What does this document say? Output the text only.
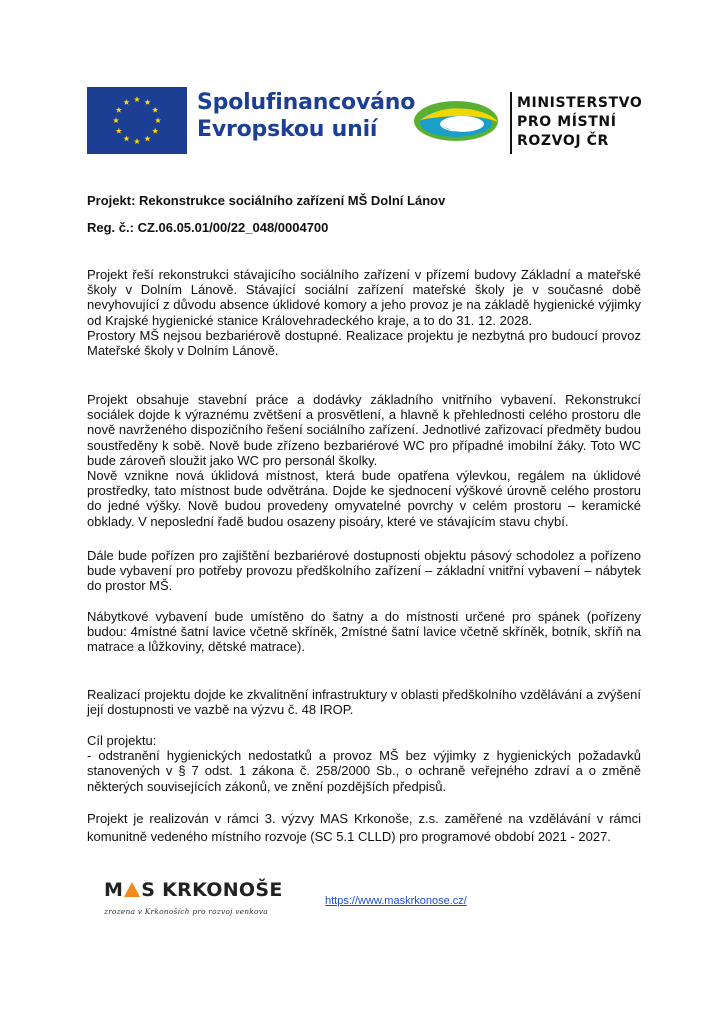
Spolufinancováno
Evropskou unií
MINISTERSTVO
PRO MÍSTNÍ
ROZVOJ ČR
Projekt: Rekonstrukce sociálního zařízení MŠ Dolní Lánov
Reg. č.: CZ.06.05.01/00/22_048/0004700

Projekt řeší rekonstrukci stávajícího sociálního zařízení v přízemí budovy Základní a mateřské školy v Dolním Lánově. Stávající sociální zařízení mateřské školy je v současné době nevyhovující z důvodu absence úklidové komory a jeho provoz je na základě hygienické výjimky od Krajské hygienické stanice Královehradeckého kraje, a to do 31. 12. 2028.

Prostory MŠ nejsou bezbariérově dostupné. Realizace projektu je nezbytná pro budoucí provoz Mateřské školy v Dolním Lánově.

Projekt obsahuje stavební práce a dodávky základního vnitřního vybavení. Rekonstrukcí sociálek dojde k výraznému zvětšení a prosvětlení, a hlavně k přehlednosti celého prostoru dle nově navrženého dispozičního řešení sociálního zařízení. Jednotlivé zařizovací předměty budou soustředěny k sobě. Nově bude zřízeno bezbariérové WC pro případné imobilní žáky. Toto WC bude zároveň sloužit jako WC pro personál školky.

Nově vznikne nová úklidová místnost, která bude opatřena výlevkou, regálem na úklidové prostředky, tato místnost bude odvětrána. Dojde ke sjednocení výškové úrovně celého prostoru do jedné výšky. Nově budou provedeny omyvatelné povrchy v celém prostoru – keramické obklady. V neposlední řadě budou osazeny pisoáry, které ve stávajícím stavu chybí.

Dále bude pořízen pro zajištění bezbariérové dostupnosti objektu pásový schodolez a pořízeno bude vybavení pro potřeby provozu předškolního zařízení – základní vnitřní vybavení – nábytek do prostor MŠ.

Nábytkové vybavení bude umístěno do šatny a do místnosti určené pro spánek (pořízeny budou: 4místné šatní lavice včetně skříněk, 2místné šatní lavice včetně skříněk, botník, skříň na matrace a lůžkoviny, dětské matrace).

Realizací projektu dojde ke zkvalitnění infrastruktury v oblasti předškolního vzdělávání a zvýšení její dostupnosti ve vazbě na výzvu č. 48 IROP.

Cíl projektu:

- odstranění hygienických nedostatků a provoz MŠ bez výjimky z hygienických požadavků stanovených v § 7 odst. 1 zákona č. 258/2000 Sb., o ochraně veřejného zdraví a o změně některých souvisejících zákonů, ve znění pozdějších předpisů.

Projekt je realizován v rámci 3. výzvy MAS Krkonoše, z.s. zaměřené na vzdělávání v rámci komunitně vedeného místního rozvoje (SC 5.1 CLLD) pro programové období 2021 - 2027.

M S KRKONOŠE
zrozena v Krkonoších pro rozvoj venkova
https://www.maskrkonose.cz/
